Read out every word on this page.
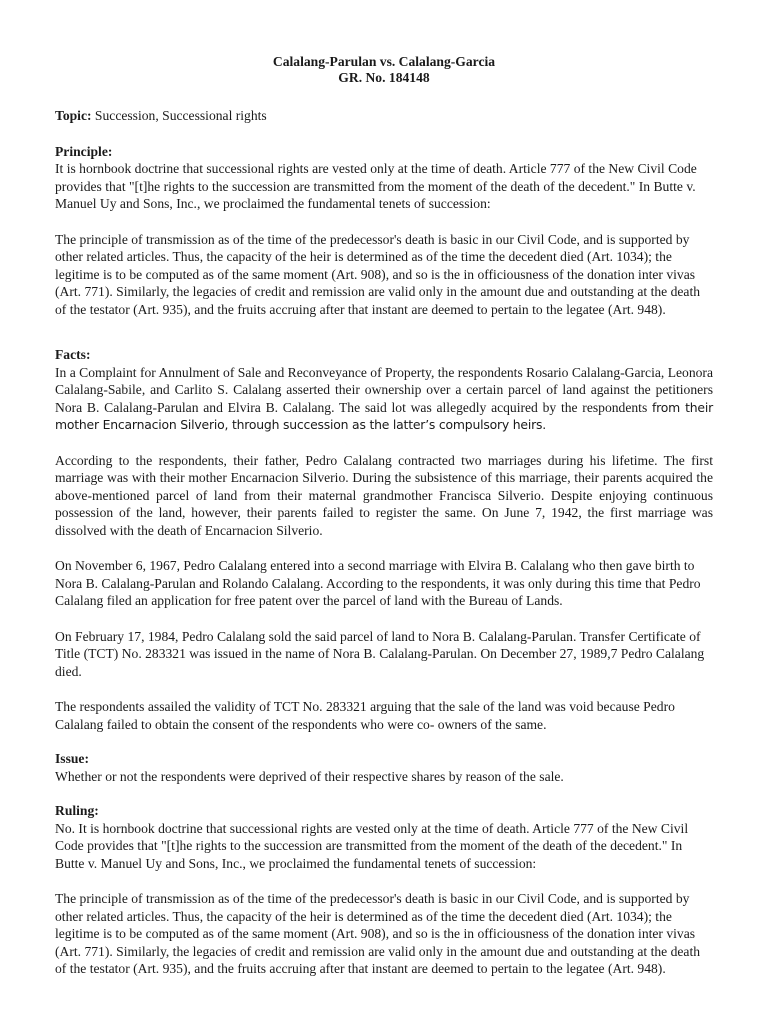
Calalang-Parulan vs. Calalang-Garcia
GR. No. 184148

Topic: Succession, Successional rights

Principle:

It is hornbook doctrine that successional rights are vested only at the time of death. Article 777 of the New Civil Code provides that "[t]he rights to the succession are transmitted from the moment of the death of the decedent." In Butte v. Manuel Uy and Sons, Inc., we proclaimed the fundamental tenets of succession:

The principle of transmission as of the time of the predecessor's death is basic in our Civil Code, and is supported by other related articles. Thus, the capacity of the heir is determined as of the time the decedent died (Art. 1034); the legitime is to be computed as of the same moment (Art. 908), and so is the in officiousness of the donation inter vivas (Art. 771). Similarly, the legacies of credit and remission are valid only in the amount due and outstanding at the death of the testator (Art. 935), and the fruits accruing after that instant are deemed to pertain to the legatee (Art. 948).

Facts:

In a Complaint for Annulment of Sale and Reconveyance of Property, the respondents Rosario Calalang-Garcia, Leonora Calalang-Sabile, and Carlito S. Calalang asserted their ownership over a certain parcel of land against the petitioners Nora B. Calalang-Parulan and Elvira B. Calalang. The said lot was allegedly acquired by the respondents from their mother Encarnacion Silverio, through succession as the latter’s compulsory heirs.

According to the respondents, their father, Pedro Calalang contracted two marriages during his lifetime. The first marriage was with their mother Encarnacion Silverio. During the subsistence of this marriage, their parents acquired the above-mentioned parcel of land from their maternal grandmother Francisca Silverio. Despite enjoying continuous possession of the land, however, their parents failed to register the same. On June 7, 1942, the first marriage was dissolved with the death of Encarnacion Silverio.

On November 6, 1967, Pedro Calalang entered into a second marriage with Elvira B. Calalang who then gave birth to Nora B. Calalang-Parulan and Rolando Calalang. According to the respondents, it was only during this time that Pedro Calalang filed an application for free patent over the parcel of land with the Bureau of Lands.

On February 17, 1984, Pedro Calalang sold the said parcel of land to Nora B. Calalang-Parulan. Transfer Certificate of Title (TCT) No. 283321 was issued in the name of Nora B. Calalang-Parulan. On December 27, 1989,7 Pedro Calalang died.

The respondents assailed the validity of TCT No. 283321 arguing that the sale of the land was void because Pedro Calalang failed to obtain the consent of the respondents who were co- owners of the same.

Issue:

Whether or not the respondents were deprived of their respective shares by reason of the sale.

Ruling:

No. It is hornbook doctrine that successional rights are vested only at the time of death. Article 777 of the New Civil Code provides that "[t]he rights to the succession are transmitted from the moment of the death of the decedent." In Butte v. Manuel Uy and Sons, Inc., we proclaimed the fundamental tenets of succession:

The principle of transmission as of the time of the predecessor's death is basic in our Civil Code, and is supported by other related articles. Thus, the capacity of the heir is determined as of the time the decedent died (Art. 1034); the legitime is to be computed as of the same moment (Art. 908), and so is the in officiousness of the donation inter vivas (Art. 771). Similarly, the legacies of credit and remission are valid only in the amount due and outstanding at the death of the testator (Art. 935), and the fruits accruing after that instant are deemed to pertain to the legatee (Art. 948).
